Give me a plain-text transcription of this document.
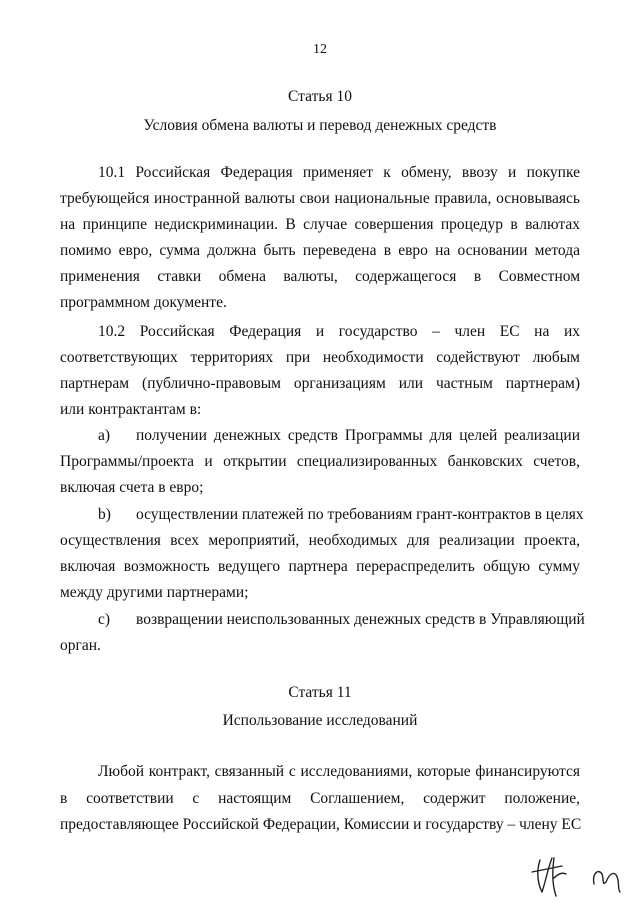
12
Статья 10
Условия обмена валюты и перевод денежных средств
10.1 Российская Федерация применяет к обмену, ввозу и покупке
требующейся иностранной валюты свои национальные правила, основываясь
на принципе недискриминации. В случае совершения процедур в валютах
помимо евро, сумма должна быть переведена в евро на основании метода
применения ставки обмена валюты, содержащегося в Совместном
программном документе.
10.2 Российская Федерация и государство – член ЕС на их
соответствующих территориях при необходимости содействуют любым
партнерам (публично-правовым организациям или частным партнерам)
или контрактантам в:
a) получении денежных средств Программы для целей реализации
Программы/проекта и открытии специализированных банковских счетов,
включая счета в евро;
b) осуществлении платежей по требованиям грант-контрактов в целях
осуществления всех мероприятий, необходимых для реализации проекта,
включая возможность ведущего партнера перераспределить общую сумму
между другими партнерами;
c) возвращении неиспользованных денежных средств в Управляющий
орган.
Статья 11
Использование исследований
Любой контракт, связанный с исследованиями, которые финансируются
в соответствии с настоящим Соглашением, содержит положение,
предоставляющее Российской Федерации, Комиссии и государству – члену ЕС
